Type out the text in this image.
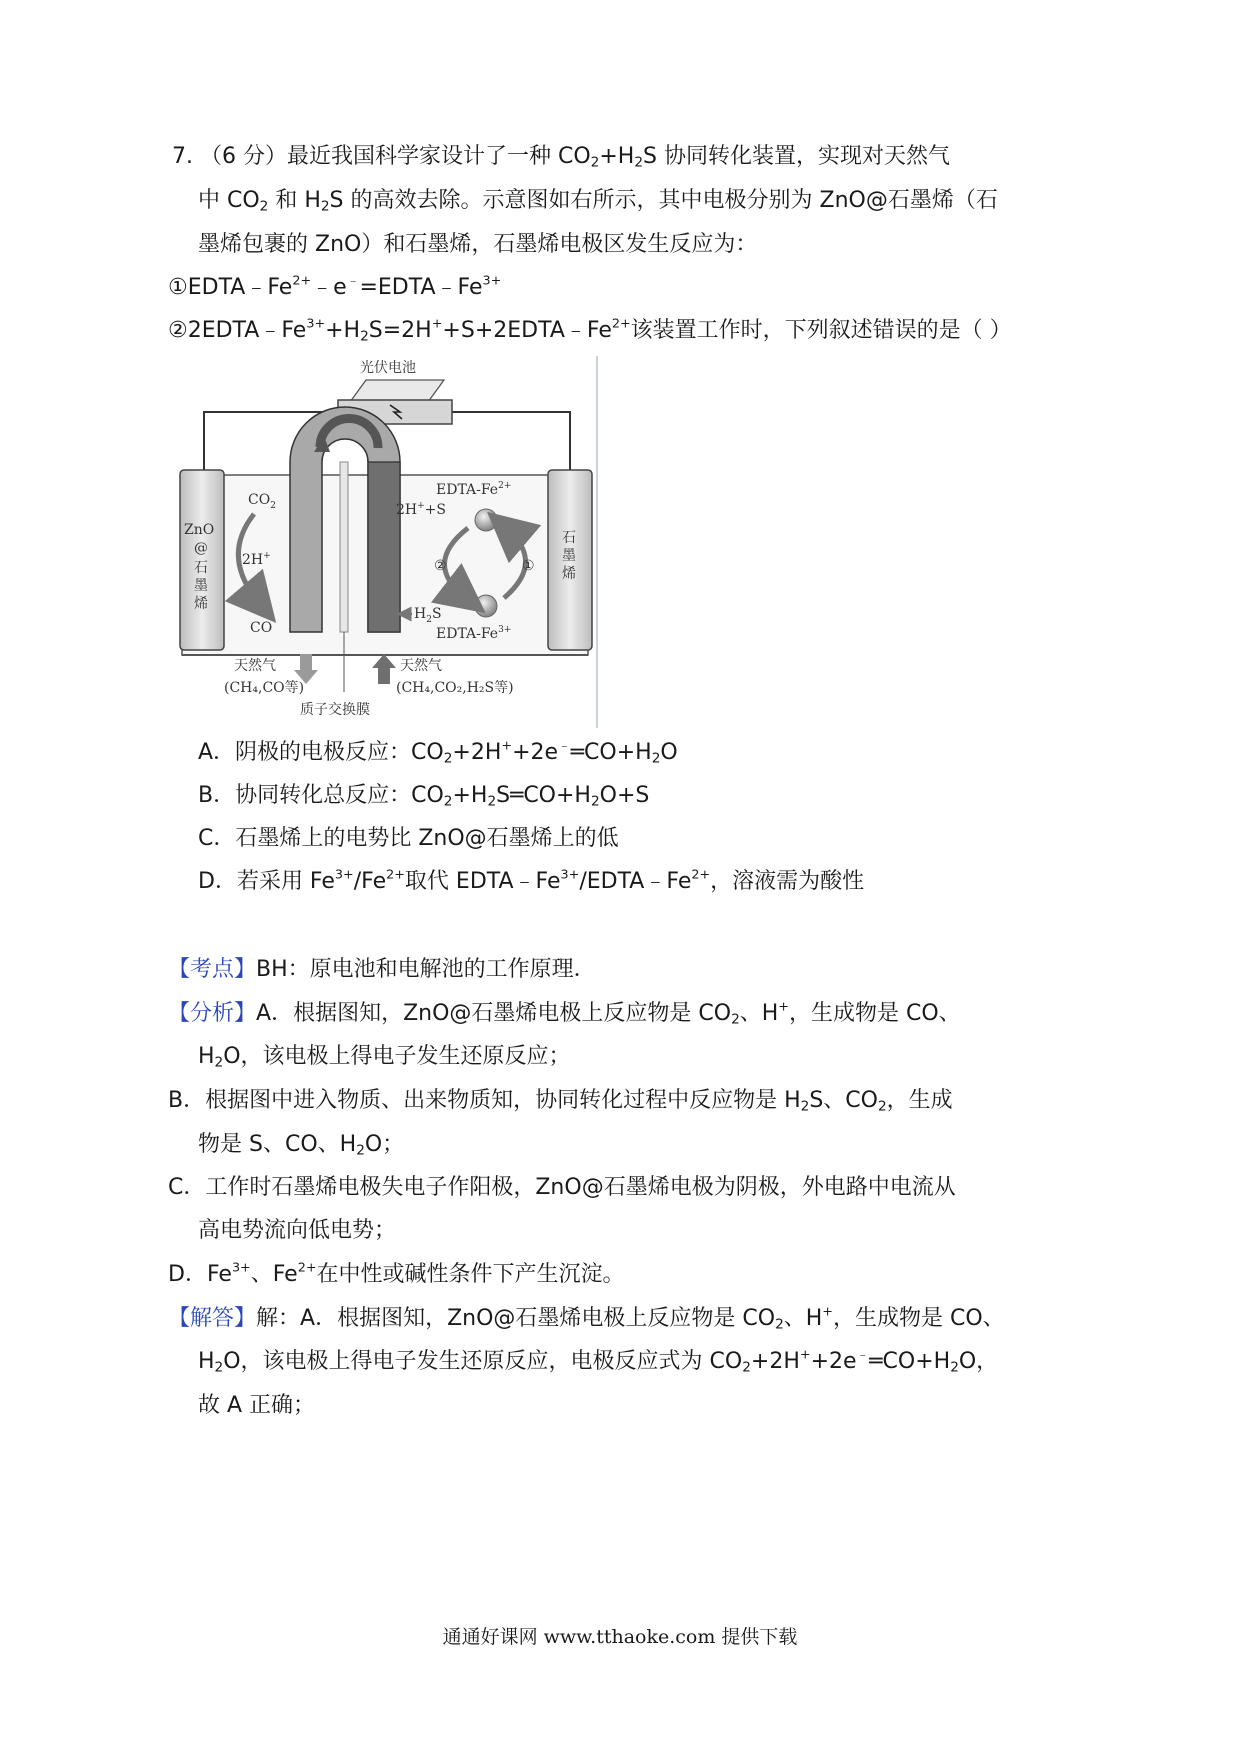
7. （6 分）最近我国科学家设计了一种 $CO_2+H_2S$ 协同转化装置，实现对天然气
中 $CO_2$ 和 $H_2S$ 的高效去除。示意图如右所示，其中电极分别为 ZnO@石墨烯（石
墨烯包裹的 ZnO）和石墨烯，石墨烯电极区发生反应为：
$①EDTA﹣Fe^{2+}﹣e^﹣=EDTA﹣Fe^{3+}$
$②2EDTA﹣Fe^{3+}+H_2S=2H^++S+2EDTA﹣Fe^{2+}$该装置工作时，下列叙述错误的是（ ）
光伏电池
ZnO
@
石
墨
烯
石
墨
烯
$CO_2$
2H+
CO
EDTA-$Fe^{2+}$
2H++S
②	①
$H_2S$
EDTA-$Fe^{3+}$
天然气
(CH₄,CO等)
天然气
(CH₄,CO₂,H₂S等)
质子交换膜
A．阴极的电极反应：$CO_2+2H^++2e^﹣═CO+H_2O$
B．协同转化总反应：$CO_2+H_2S═CO+H_2O+S$
C．石墨烯上的电势比 ZnO@石墨烯上的低
D．若采用 $Fe^{3+}/Fe^{2+}$取代 $EDTA﹣Fe^{3+}/EDTA﹣Fe^{2+}$，溶液需为酸性
【考点】BH：原电池和电解池的工作原理．
【分析】A．根据图知，ZnO@石墨烯电极上反应物是 $CO_2$、H+，生成物是 CO、
$H_2O$，该电极上得电子发生还原反应；
B．根据图中进入物质、出来物质知，协同转化过程中反应物是 $H_2S$、$CO_2$，生成
物是 S、CO、$H_2O$；
C．工作时石墨烯电极失电子作阳极，ZnO@石墨烯电极为阴极，外电路中电流从
高电势流向低电势；
D．$Fe^{3+}$、$Fe^{2+}$在中性或碱性条件下产生沉淀。
【解答】解：A．根据图知，ZnO@石墨烯电极上反应物是 $CO_2$、H+，生成物是 CO、
$H_2O$，该电极上得电子发生还原反应，电极反应式为 $CO_2+2H^++2e^﹣═CO+H_2O$，
故 A 正确；
通通好课网 www.tthaoke.com 提供下载
